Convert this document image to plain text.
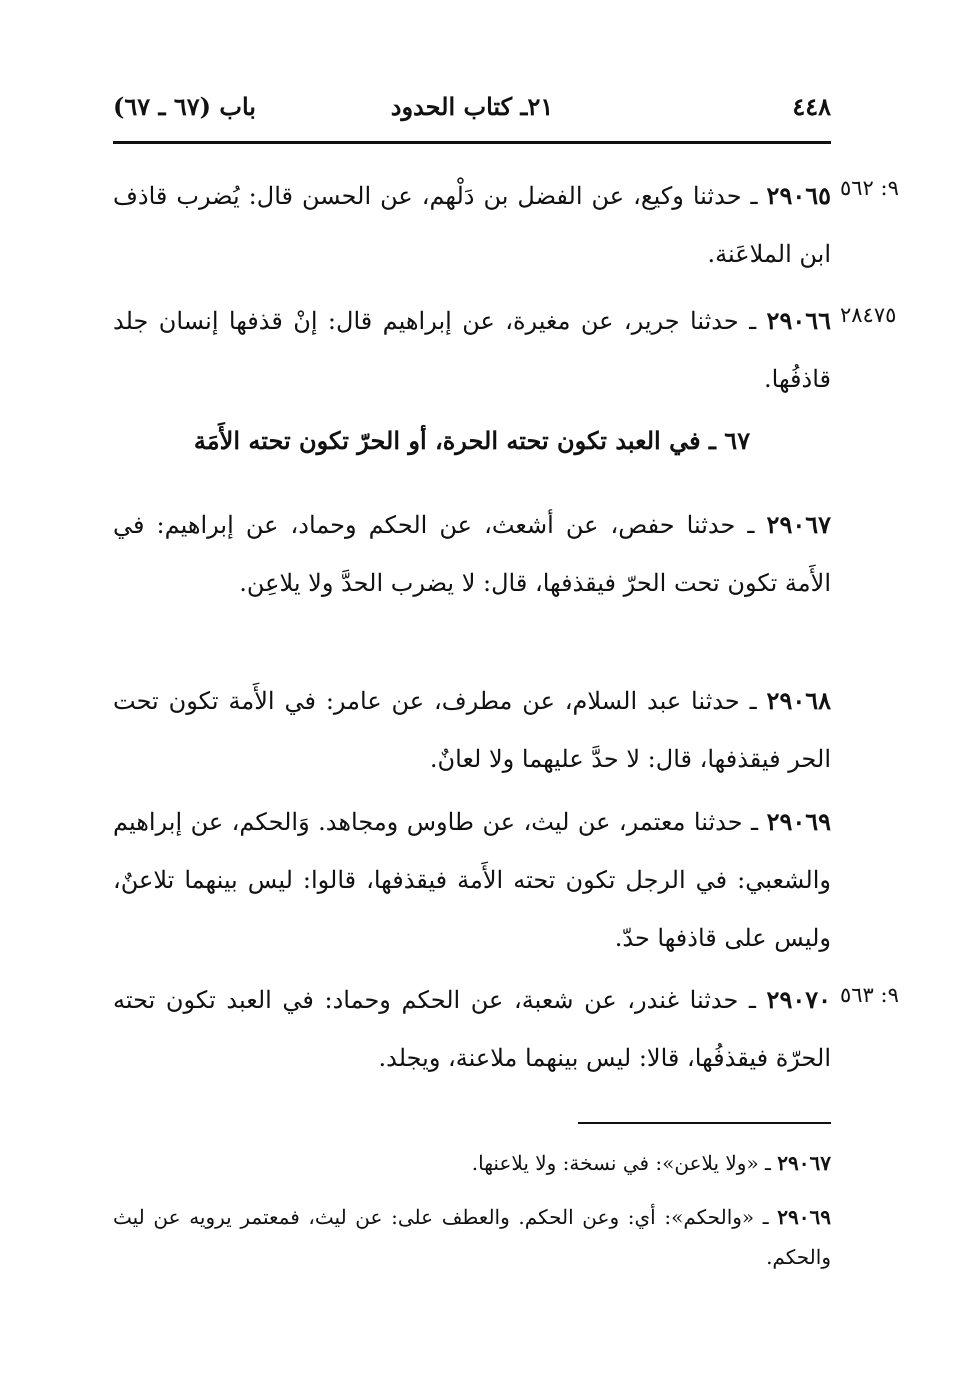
٤٤٨
٢١ـ كتاب الحدود
باب (٦٧ ـ ٦٧)
٩: ٥٦٢
٢٩٠٦٥ ـ حدثنا وكيع، عن الفضل بن دَلْهم، عن الحسن قال: يُضرب قاذف ابن الملاعَنة.
٢٨٤٧٥
٢٩٠٦٦ ـ حدثنا جرير، عن مغيرة، عن إبراهيم قال: إنْ قذفها إنسان جلد قاذفُها.
٦٧ ـ في العبد تكون تحته الحرة، أو الحرّ تكون تحته الأَمَة
٢٩٠٦٧ ـ حدثنا حفص، عن أشعث، عن الحكم وحماد، عن إبراهيم: في الأَمة تكون تحت الحرّ فيقذفها، قال: لا يضرب الحدَّ ولا يلاعِن.
٢٩٠٦٨ ـ حدثنا عبد السلام، عن مطرف، عن عامر: في الأَمة تكون تحت الحر فيقذفها، قال: لا حدَّ عليهما ولا لعانٌ.
٢٩٠٦٩ ـ حدثنا معتمر، عن ليث، عن طاوس ومجاهد. وَالحكم، عن إبراهيم والشعبي: في الرجل تكون تحته الأَمة فيقذفها، قالوا: ليس بينهما تلاعنٌ، وليس على قاذفها حدّ.
٩: ٥٦٣
٢٩٠٧٠ ـ حدثنا غندر، عن شعبة، عن الحكم وحماد: في العبد تكون تحته الحرّة فيقذفُها، قالا: ليس بينهما ملاعنة، ويجلد.
٢٩٠٦٧ ـ «ولا يلاعن»: في نسخة: ولا يلاعنها.
٢٩٠٦٩ ـ «والحكم»: أي: وعن الحكم. والعطف على: عن ليث، فمعتمر يرويه عن ليث والحكم.
